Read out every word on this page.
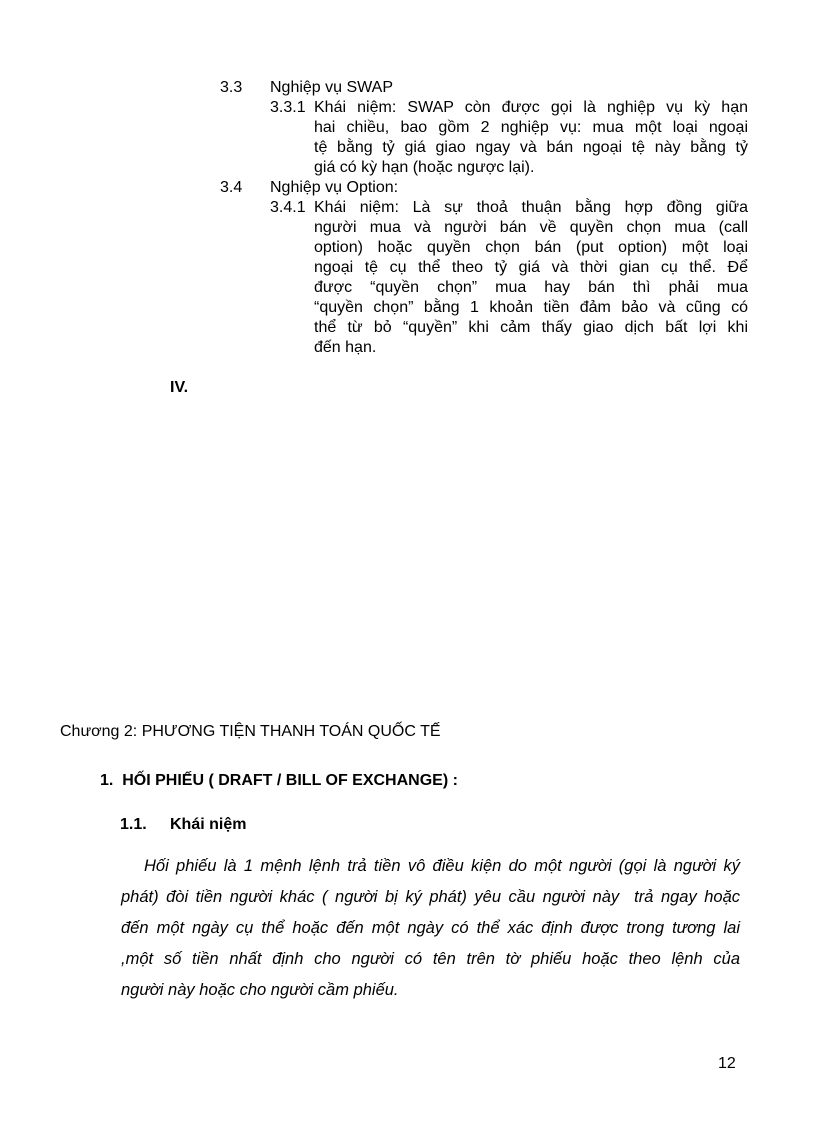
3.3 Nghiệp vụ SWAP
3.3.1 Khái niệm: SWAP còn được gọi là nghiệp vụ kỳ hạn
hai chiều, bao gồm 2 nghiệp vụ: mua một loại ngoại
tệ bằng tỷ giá giao ngay và bán ngoại tệ này bằng tỷ
giá có kỳ hạn (hoặc ngược lại).
3.4 Nghiệp vụ Option:
3.4.1 Khái niệm: Là sự thoả thuận bằng hợp đồng giữa
người mua và người bán về quyền chọn mua (call
option) hoặc quyền chọn bán (put option) một loại
ngoại tệ cụ thể theo tỷ giá và thời gian cụ thể. Để
được “quyền chọn” mua hay bán thì phải mua
“quyền chọn” bằng 1 khoản tiền đảm bảo và cũng có
thể từ bỏ “quyền” khi cảm thấy giao dịch bất lợi khi
đến hạn.
IV.
Chương 2: PHƯƠNG TIỆN THANH TOÁN QUỐC TẾ
1.  HỐI PHIẾU ( DRAFT / BILL OF EXCHANGE) :
1.1. Khái niệm
Hối phiếu là 1 mệnh lệnh trả tiền vô điều kiện do một người (gọi là người ký
phát) đòi tiền người khác ( người bị ký phát) yêu cầu người này  trả ngay hoặc
đến một ngày cụ thể hoặc đến một ngày có thể xác định được trong tương lai
,một số tiền nhất định cho người có tên trên tờ phiếu hoặc theo lệnh của
người này hoặc cho người cầm phiếu.
12
